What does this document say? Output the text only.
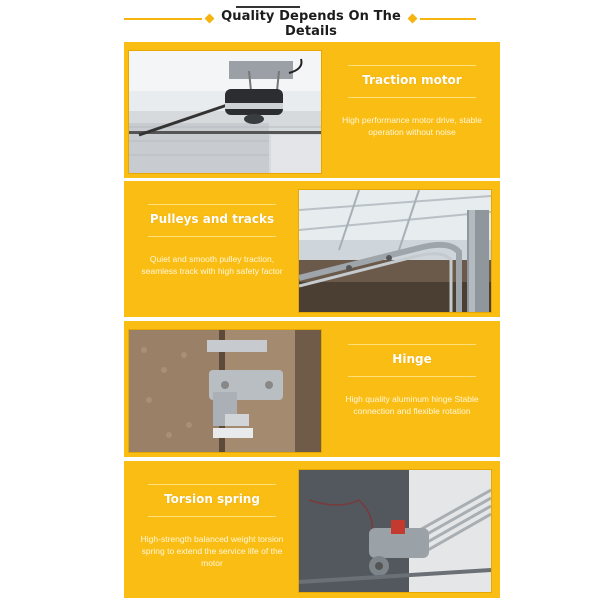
Quality Depends On The Details
Traction motor
High performance motor drive, stable operation without noise
Pulleys and tracks
Quiet and smooth pulley traction, seamless track with high safety factor
Hinge
High quality aluminum hinge Stable connection and flexible rotation
Torsion spring
High-strength balanced weight torsion spring to extend the service life of the motor
